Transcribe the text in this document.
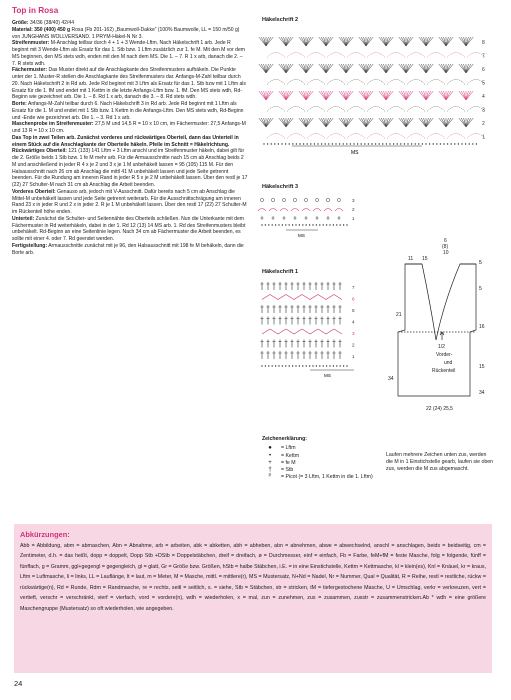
Top in Rosa

Größe: 34/36 (38/40) 42/44

Material: 350 (400) 450 g Rosa (Fb 201-162) „Baumwoll-Dakke“ (100% Baumwolle, LL = 150 m/50 g) von JUNGHANS WOLLVERSAND. 1 PRYM-Häkel-N Nr 3.

Streifenmuster: M-Anschlag teilbar durch 4 + 1 + 3 Wende-Lftm. Nach Häkelschrift 1 arb. Jede R beginnt mit 3 Wende-Lftm als Ersatz für das 1. Stb bzw. 1 Lftm zusätzlich zur 1. fe M. Mit den M vor dem MS beginnen, den MS stets wdh, enden mit den M nach dem MS. Die 1. – 7. R 1 x arb, danach die 2. – 7. R stets wdh.

Fächermuster: Das Muster direkt auf die Anschlagkante des Streifenmusters aufhäkeln. Die Punkte unter der 1. Muster-R stellen die Anschlagkante des Streifenmusters dar. Anfangs-M-Zahl teilbar durch 20. Nach Häkelschrift 2 in Rd arb. Jede Rd beginnt mit 3 Lftm als Ersatz für das 1. Stb bzw mit 1 Lftm als Ersatz für die 1. fM und endet mit 1 Kettm in die letzte Anfangs-Lftm bzw. 1. fM. Den MS stets wdh, Rd-Beginn wie gezeichnet arb. Die 1. – 8. Rd 1 x arb, danach die 3. – 8. Rd stets wdh.

Borte: Anfangs-M-Zahl teilbar durch 6. Nach Häkelschrift 3 in Rd arb. Jede Rd beginnt mit 1 Lftm als Ersatz für die 1. M und endet mit 1 Stb bzw. 1 Kettm in die Anfangs-Lftm. Den MS stets wdh, Rd-Beginn und -Ende wie gezeichnet arb. Die 1. – 3. Rd 1 x arb.

Maschenprobe im Streifenmuster: 27,5 M und 14,5 R = 10 x 10 cm, im Fächermuster: 27,5 Anfangs-M und 13 R = 10 x 10 cm.

Das Top in zwei Teilen arb. Zunächst vorderes und rückwärtiges Oberteil, dann das Unterteil in einem Stück auf die Anschlagkante der Oberteile häkeln. Pfeile im Schnitt = Häkelrichtung.

Rückwärtiges Oberteil: 121 (133) 141 Lftm + 3 Lftm anschl und im Streifenmuster häkeln, dabei gilt für die 2. Größe beids 1 Stb bzw. 1 fe M mehr arb. Für die Armausschnitte nach 15 cm ab Anschlag beids 2 M und anschließend in jeder R 4 x je 2 und 3 x je 1 M unbehäkelt lassen = 95 (105) 115 M. Für den Halsausschnitt nach 26 cm ab Anschlag die mittl 41 M unbehäkelt lassen und jede Seite getrennt beenden. Für die Rundung am inneren Rand in jeder R 5 x je 2 M unbehäkelt lassen. Über den restl je 17 (22) 27 Schulter-M nach 31 cm ab Anschlag die Arbeit beenden.

Vorderes Oberteil: Genauso arb, jedoch mit V-Ausschnitt. Dafür bereits nach 5 cm ab Anschlag die Mittel-M unbehäkelt lassen und jede Seite getrennt weiterarb. Für die Ausschnittschrägung am inneren Rand 23 x in jeder R und 2 x in jeder 2. R je 1 M unbehäkelt lassen. Über den restl 17 (22) 27 Schulter-M im Rückenteil höhe enden.

Unterteil: Zunächst die Schulter- und Seitennähte des Oberteils schließen. Nun die Unterkante mit dem Fächermuster in Rd weiterhäkeln, dabei in der 1. Rd 12 (13) 14 MS arb. 1. Rd des Streifenmusters bleibt unbehäkelt. Rd-Beginn an eine Seitenlinie legen. Nach 34 cm ab Fächermuster die Arbeit beenden, es sollte mit einer 4. oder 7. Rd geendet werden.

Fertigstellung: Armausschnitte zunächst mit je 96, den Halsausschnitt mit 198 fe M behäkeln, dann die Borte arb.

Häkelschrift 2
MS
8
7
6
5
4
3
2
1
Häkelschrift 3
3
2
1
MS
Häkelschrift 1
7
6
5
4
3
2
1
MS
6
(8)
10
11 15
5
16
15
21
1/2
Vorder-
und
Rückenteil
34
34
22 (24) 25,5
5
Zeichenerklärung:
●	= Lftm
•	= Kettm
+	= fe M
†	= Stb
ᴾ	= Picot (= 3 Lftm, 1 Kettm in die 1. Lftm)
Laufen mehrere Zeichen unten zus, werden die M in 1 Einstichstelle gearb, laufen sie oben zus, werden die M zus abgemascht.
Abkürzungen:
Abb = Abbildung, abm = abmaschen, Abn = Abnahme, arb = arbeiten, abk = abketten, abh = abheben, abn = abnehmen, abwe = abwechselnd, anschl = anschlagen, beids = beidseitig, cm = Zentimeter, d.h. = das heißt, dopp = doppelt, Dopp Stb +DStb = Doppelstäbchen, dreif = dreifach, ø = Durchmesser, einf = einfach, Fb = Farbe, feM+fM = feste Masche, folg = folgende, fünff = fünffach, g = Gramm, ggl+gegengl = gegengleich, gl = glatt, Gr = Größe bzw. Größen, hStb = halbe Stäbchen, i.E. = in eine Einstichstelle, Kettm = Kettmasche, kl = klein(es), Knl = Knäuel, kr = kraus, Lftm = Luftmasche, li = links, LL = Lauflänge, lt = laut, m = Meter, M = Masche, mittl. = mittlere(r), MS = Mustersatz, N+Nd = Nadel, Nr = Nummer, Qual = Qualität, R = Reihe, restl = restliche, rückw = rückwärtige(n), Rd = Runde, Rdm = Randmasche, re = rechts, seitl = seitlich, s. = siehe, Stb = Stäbchen, str = stricken, tM = tiefergestochene Masche, U = Umschlag, verkr = verkreuzen, vert = vertieft, verschr = verschränkt, vierf = vierfach, vord = vordere(n), wdh = wiederholen, x = mal, zun = zunehmen, zus = zusammen, zusstr = zusammenstricken.Ab * wdh = eine größere Maschengruppe (Mustersatz) so oft wiederholen, wie angegeben.
24
